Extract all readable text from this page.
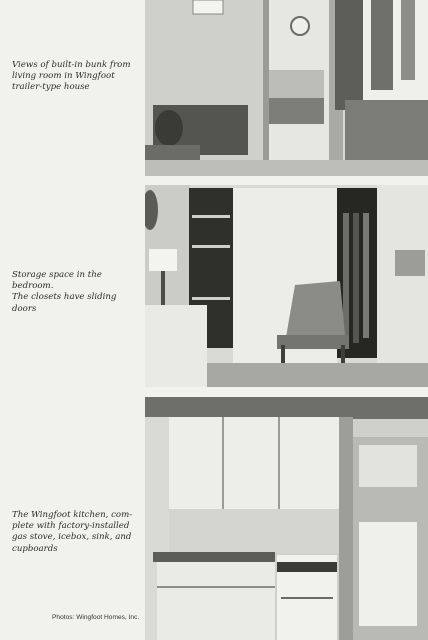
Views of built-in bunk from
living room in Wingfoot
trailer-type house
Storage space in the bedroom.
The closets have sliding
doors
The Wingfoot kitchen, com-
plete with factory-installed
gas stove, icebox, sink, and
cupboards
Photos: Wingfoot Homes, Inc.
